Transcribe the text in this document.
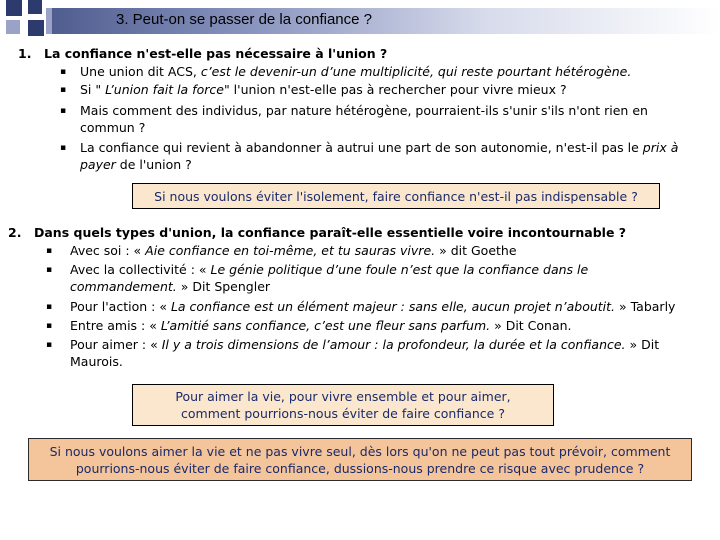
3. Peut-on se passer de la confiance ?
1. La confiance n'est-elle pas nécessaire à l'union ?
▪ Une union dit ACS, c’est le devenir-un d’une multiplicité, qui reste pourtant hétérogène.
▪ Si " L’union fait la force" l'union n'est-elle pas à rechercher pour vivre mieux ?
▪ Mais comment des individus, par nature hétérogène, pourraient-ils s'unir s'ils n'ont rien en
commun ?
▪ La confiance qui revient à abandonner à autrui une part de son autonomie, n'est-il pas le prix à
payer de l'union ?
Si nous voulons éviter l'isolement, faire confiance n'est-il pas indispensable ?
2. Dans quels types d'union, la confiance paraît-elle essentielle voire incontournable ?
▪ Avec soi : « Aie confiance en toi-même, et tu sauras vivre. » dit Goethe
▪ Avec la collectivité : « Le génie politique d’une foule n’est que la confiance dans le
commandement. » Dit Spengler
▪ Pour l'action : « La confiance est un élément majeur : sans elle, aucun projet n’aboutit. » Tabarly
▪ Entre amis : « L’amitié sans confiance, c’est une fleur sans parfum. » Dit Conan.
▪ Pour aimer : « Il y a trois dimensions de l’amour : la profondeur, la durée et la confiance. » Dit
Maurois.
Pour aimer la vie, pour vivre ensemble et pour aimer,
comment pourrions-nous éviter de faire confiance ?
Si nous voulons aimer la vie et ne pas vivre seul, dès lors qu'on ne peut pas tout prévoir, comment
pourrions-nous éviter de faire confiance, dussions-nous prendre ce risque avec prudence ?
